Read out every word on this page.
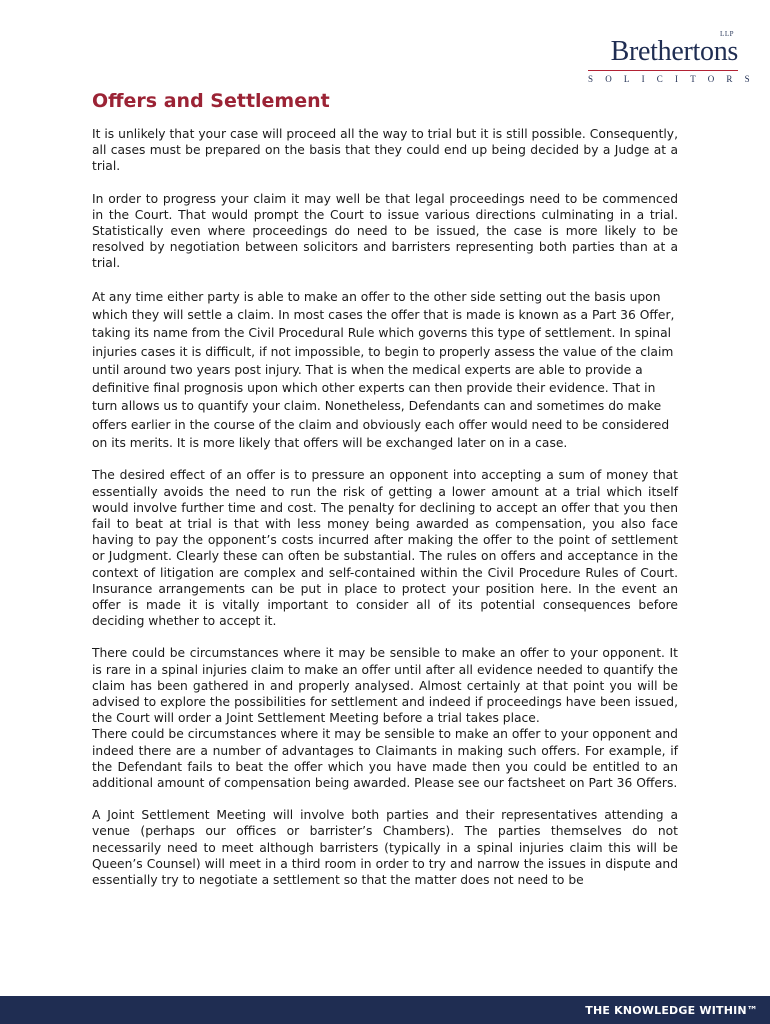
LLP
Brethertons
SOLICITORS
Offers and Settlement

It is unlikely that your case will proceed all the way to trial but it is still possible. Consequently, all cases must be prepared on the basis that they could end up being decided by a Judge at a trial.

In order to progress your claim it may well be that legal proceedings need to be commenced in the Court. That would prompt the Court to issue various directions culminating in a trial. Statistically even where proceedings do need to be issued, the case is more likely to be resolved by negotiation between solicitors and barristers representing both parties than at a trial.

At any time either party is able to make an offer to the other side setting out the basis upon which they will settle a claim. In most cases the offer that is made is known as a Part 36 Offer, taking its name from the Civil Procedural Rule which governs this type of settlement. In spinal injuries cases it is difficult, if not impossible, to begin to properly assess the value of the claim until around two years post injury. That is when the medical experts are able to provide a definitive final prognosis upon which other experts can then provide their evidence. That in turn allows us to quantify your claim. Nonetheless, Defendants can and sometimes do make offers earlier in the course of the claim and obviously each offer would need to be considered on its merits. It is more likely that offers will be exchanged later on in a case.

The desired effect of an offer is to pressure an opponent into accepting a sum of money that essentially avoids the need to run the risk of getting a lower amount at a trial which itself would involve further time and cost. The penalty for declining to accept an offer that you then fail to beat at trial is that with less money being awarded as compensation, you also face having to pay the opponent’s costs incurred after making the offer to the point of settlement or Judgment. Clearly these can often be substantial. The rules on offers and acceptance in the context of litigation are complex and self-contained within the Civil Procedure Rules of Court. Insurance arrangements can be put in place to protect your position here. In the event an offer is made it is vitally important to consider all of its potential consequences before deciding whether to accept it.

There could be circumstances where it may be sensible to make an offer to your opponent. It is rare in a spinal injuries claim to make an offer until after all evidence needed to quantify the claim has been gathered in and properly analysed. Almost certainly at that point you will be advised to explore the possibilities for settlement and indeed if proceedings have been issued, the Court will order a Joint Settlement Meeting before a trial takes place.

There could be circumstances where it may be sensible to make an offer to your opponent and indeed there are a number of advantages to Claimants in making such offers. For example, if the Defendant fails to beat the offer which you have made then you could be entitled to an additional amount of compensation being awarded. Please see our factsheet on Part 36 Offers.

A Joint Settlement Meeting will involve both parties and their representatives attending a venue (perhaps our offices or barrister’s Chambers). The parties themselves do not necessarily need to meet although barristers (typically in a spinal injuries claim this will be Queen’s Counsel) will meet in a third room in order to try and narrow the issues in dispute and essentially try to negotiate a settlement so that the matter does not need to be

THE KNOWLEDGE WITHIN™
